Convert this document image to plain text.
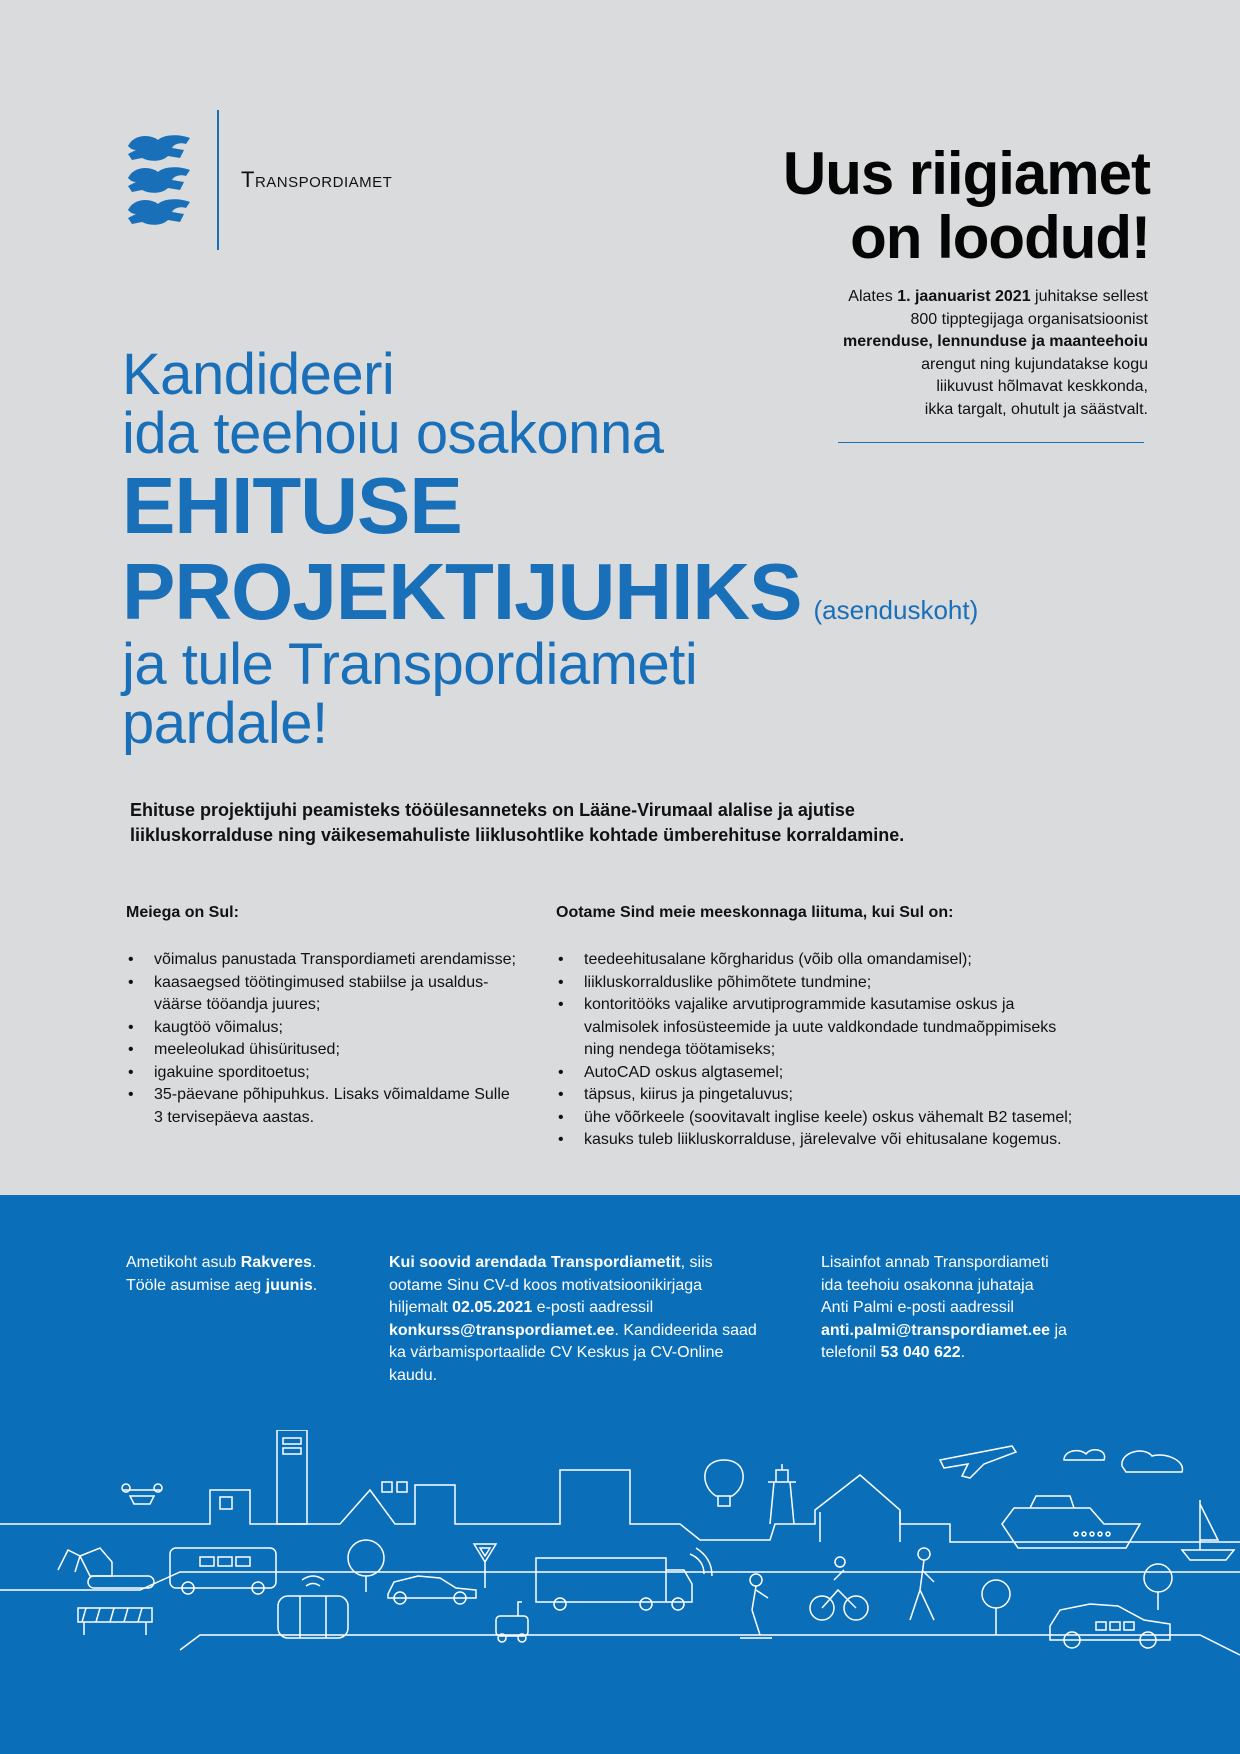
Transpordiamet	Uus riigiamet
on loodud!
Alates 1. jaanuarist 2021 juhitakse sellest
800 tipptegijaga organisatsioonist
merenduse, lennunduse ja maanteehoiu
arengut ning kujundatakse kogu
liikuvust hõlmavat keskkonda,
ikka targalt, ohutult ja säästvalt.
Kandideeri
ida teehoiu osakonna
EHITUSE
PROJEKTIJUHIKS (asenduskoht)
ja tule Transpordiameti
pardale!
Ehituse projektijuhi peamisteks tööülesanneteks on Lääne-Virumaal alalise ja ajutise
liikluskorralduse ning väikesemahuliste liiklusohtlike kohtade ümberehituse korraldamine.
Meiega on Sul:
• võimalus panustada Transpordiameti arendamisse;
• kaasaegsed töötingimused stabiilse ja usaldus-
väärse tööandja juures;
• kaugtöö võimalus;
• meeleolukad ühisüritused;
• igakuine sporditoetus;
• 35-päevane põhipuhkus. Lisaks võimaldame Sulle
3 tervisepäeva aastas.
Ootame Sind meie meeskonnaga liituma, kui Sul on:
• teedeehitusalane kõrgharidus (võib olla omandamisel);
• liikluskorralduslike põhimõtete tundmine;
• kontoritööks vajalike arvutiprogrammide kasutamise oskus ja
valmisolek infosüsteemide ja uute valdkondade tundmaõppimiseks
ning nendega töötamiseks;
• AutoCAD oskus algtasemel;
• täpsus, kiirus ja pingetaluvus;
• ühe võõrkeele (soovitavalt inglise keele) oskus vähemalt B2 tasemel;
• kasuks tuleb liikluskorralduse, järelevalve või ehitusalane kogemus.
Ametikoht asub Rakveres.
Tööle asumise aeg juunis.
Kui soovid arendada Transpordiametit, siis
ootame Sinu CV-d koos motivatsioonikirjaga
hiljemalt 02.05.2021 e-posti aadressil
konkurss@transpordiamet.ee. Kandideerida saad
ka värbamisportaalide CV Keskus ja CV-Online
kaudu.
Lisainfot annab Transpordiameti
ida teehoiu osakonna juhataja
Anti Palmi e-posti aadressil
anti.palmi@transpordiamet.ee ja
telefonil 53 040 622.
